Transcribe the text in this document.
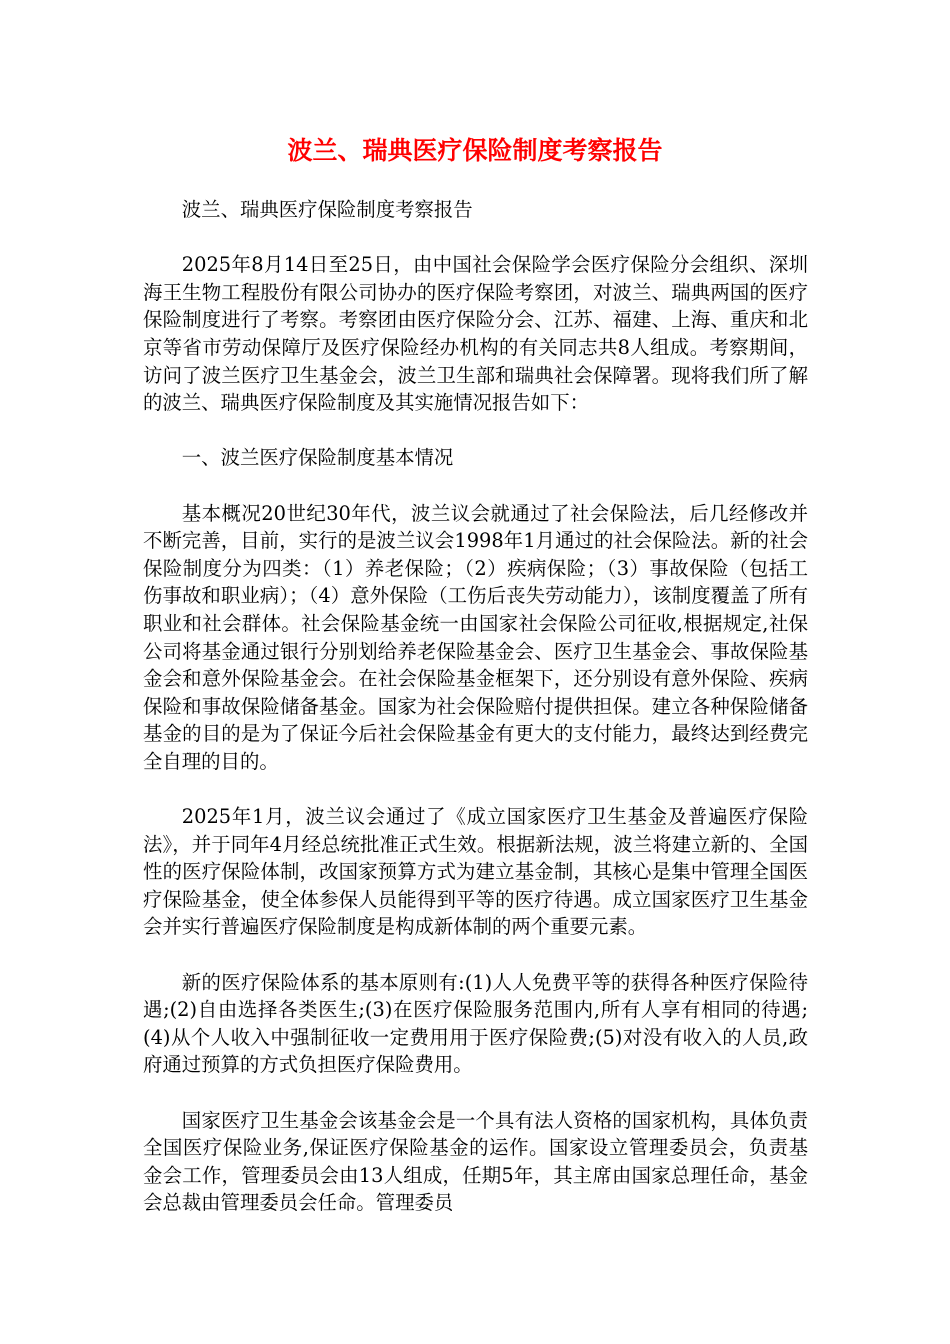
波兰、瑞典医疗保险制度考察报告

波兰、瑞典医疗保险制度考察报告

2025年8月14日至25日，由中国社会保险学会医疗保险分会组织、深圳海王生物工程股份有限公司协办的医疗保险考察团，对波兰、瑞典两国的医疗保险制度进行了考察。考察团由医疗保险分会、江苏、福建、上海、重庆和北京等省市劳动保障厅及医疗保险经办机构的有关同志共8人组成。考察期间，访问了波兰医疗卫生基金会，波兰卫生部和瑞典社会保障署。现将我们所了解的波兰、瑞典医疗保险制度及其实施情况报告如下：

一、波兰医疗保险制度基本情况

基本概况20世纪30年代，波兰议会就通过了社会保险法，后几经修改并不断完善，目前，实行的是波兰议会1998年1月通过的社会保险法。新的社会保险制度分为四类：（1）养老保险；（2）疾病保险；（3）事故保险（包括工伤事故和职业病）；（4）意外保险（工伤后丧失劳动能力），该制度覆盖了所有职业和社会群体。社会保险基金统一由国家社会保险公司征收,根据规定,社保公司将基金通过银行分别划给养老保险基金会、医疗卫生基金会、事故保险基金会和意外保险基金会。在社会保险基金框架下，还分别设有意外保险、疾病保险和事故保险储备基金。国家为社会保险赔付提供担保。建立各种保险储备基金的目的是为了保证今后社会保险基金有更大的支付能力，最终达到经费完全自理的目的。

2025年1月，波兰议会通过了《成立国家医疗卫生基金及普遍医疗保险法》，并于同年4月经总统批准正式生效。根据新法规，波兰将建立新的、全国性的医疗保险体制，改国家预算方式为建立基金制，其核心是集中管理全国医疗保险基金，使全体参保人员能得到平等的医疗待遇。成立国家医疗卫生基金会并实行普遍医疗保险制度是构成新体制的两个重要元素。

新的医疗保险体系的基本原则有:(1)人人免费平等的获得各种医疗保险待遇;(2)自由选择各类医生;(3)在医疗保险服务范围内,所有人享有相同的待遇;(4)从个人收入中强制征收一定费用用于医疗保险费;(5)对没有收入的人员,政府通过预算的方式负担医疗保险费用。

国家医疗卫生基金会该基金会是一个具有法人资格的国家机构，具体负责全国医疗保险业务,保证医疗保险基金的运作。国家设立管理委员会，负责基金会工作，管理委员会由13人组成，任期5年，其主席由国家总理任命，基金会总裁由管理委员会任命。管理委员
